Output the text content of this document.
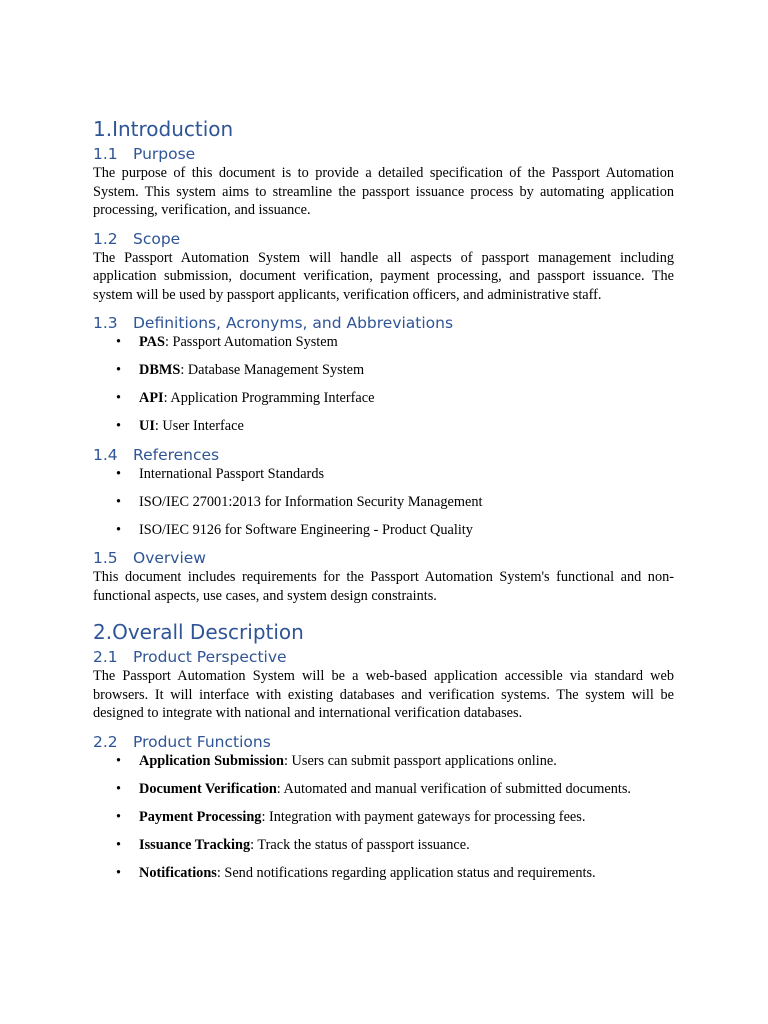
1.Introduction
1.1 Purpose

The purpose of this document is to provide a detailed specification of the Passport Automation System. This system aims to streamline the passport issuance process by automating application processing, verification, and issuance.

1.2 Scope

The Passport Automation System will handle all aspects of passport management including application submission, document verification, payment processing, and passport issuance. The system will be used by passport applicants, verification officers, and administrative staff.

1.3 Definitions, Acronyms, and Abbreviations
• PAS: Passport Automation System
• DBMS: Database Management System
• API: Application Programming Interface
• UI: User Interface
1.4 References
• International Passport Standards
• ISO/IEC 27001:2013 for Information Security Management
• ISO/IEC 9126 for Software Engineering - Product Quality
1.5 Overview

This document includes requirements for the Passport Automation System's functional and non-functional aspects, use cases, and system design constraints.

2.Overall Description
2.1 Product Perspective

The Passport Automation System will be a web-based application accessible via standard web browsers. It will interface with existing databases and verification systems. The system will be designed to integrate with national and international verification databases.

2.2 Product Functions
• Application Submission: Users can submit passport applications online.
• Document Verification: Automated and manual verification of submitted documents.
• Payment Processing: Integration with payment gateways for processing fees.
• Issuance Tracking: Track the status of passport issuance.
• Notifications: Send notifications regarding application status and requirements.
